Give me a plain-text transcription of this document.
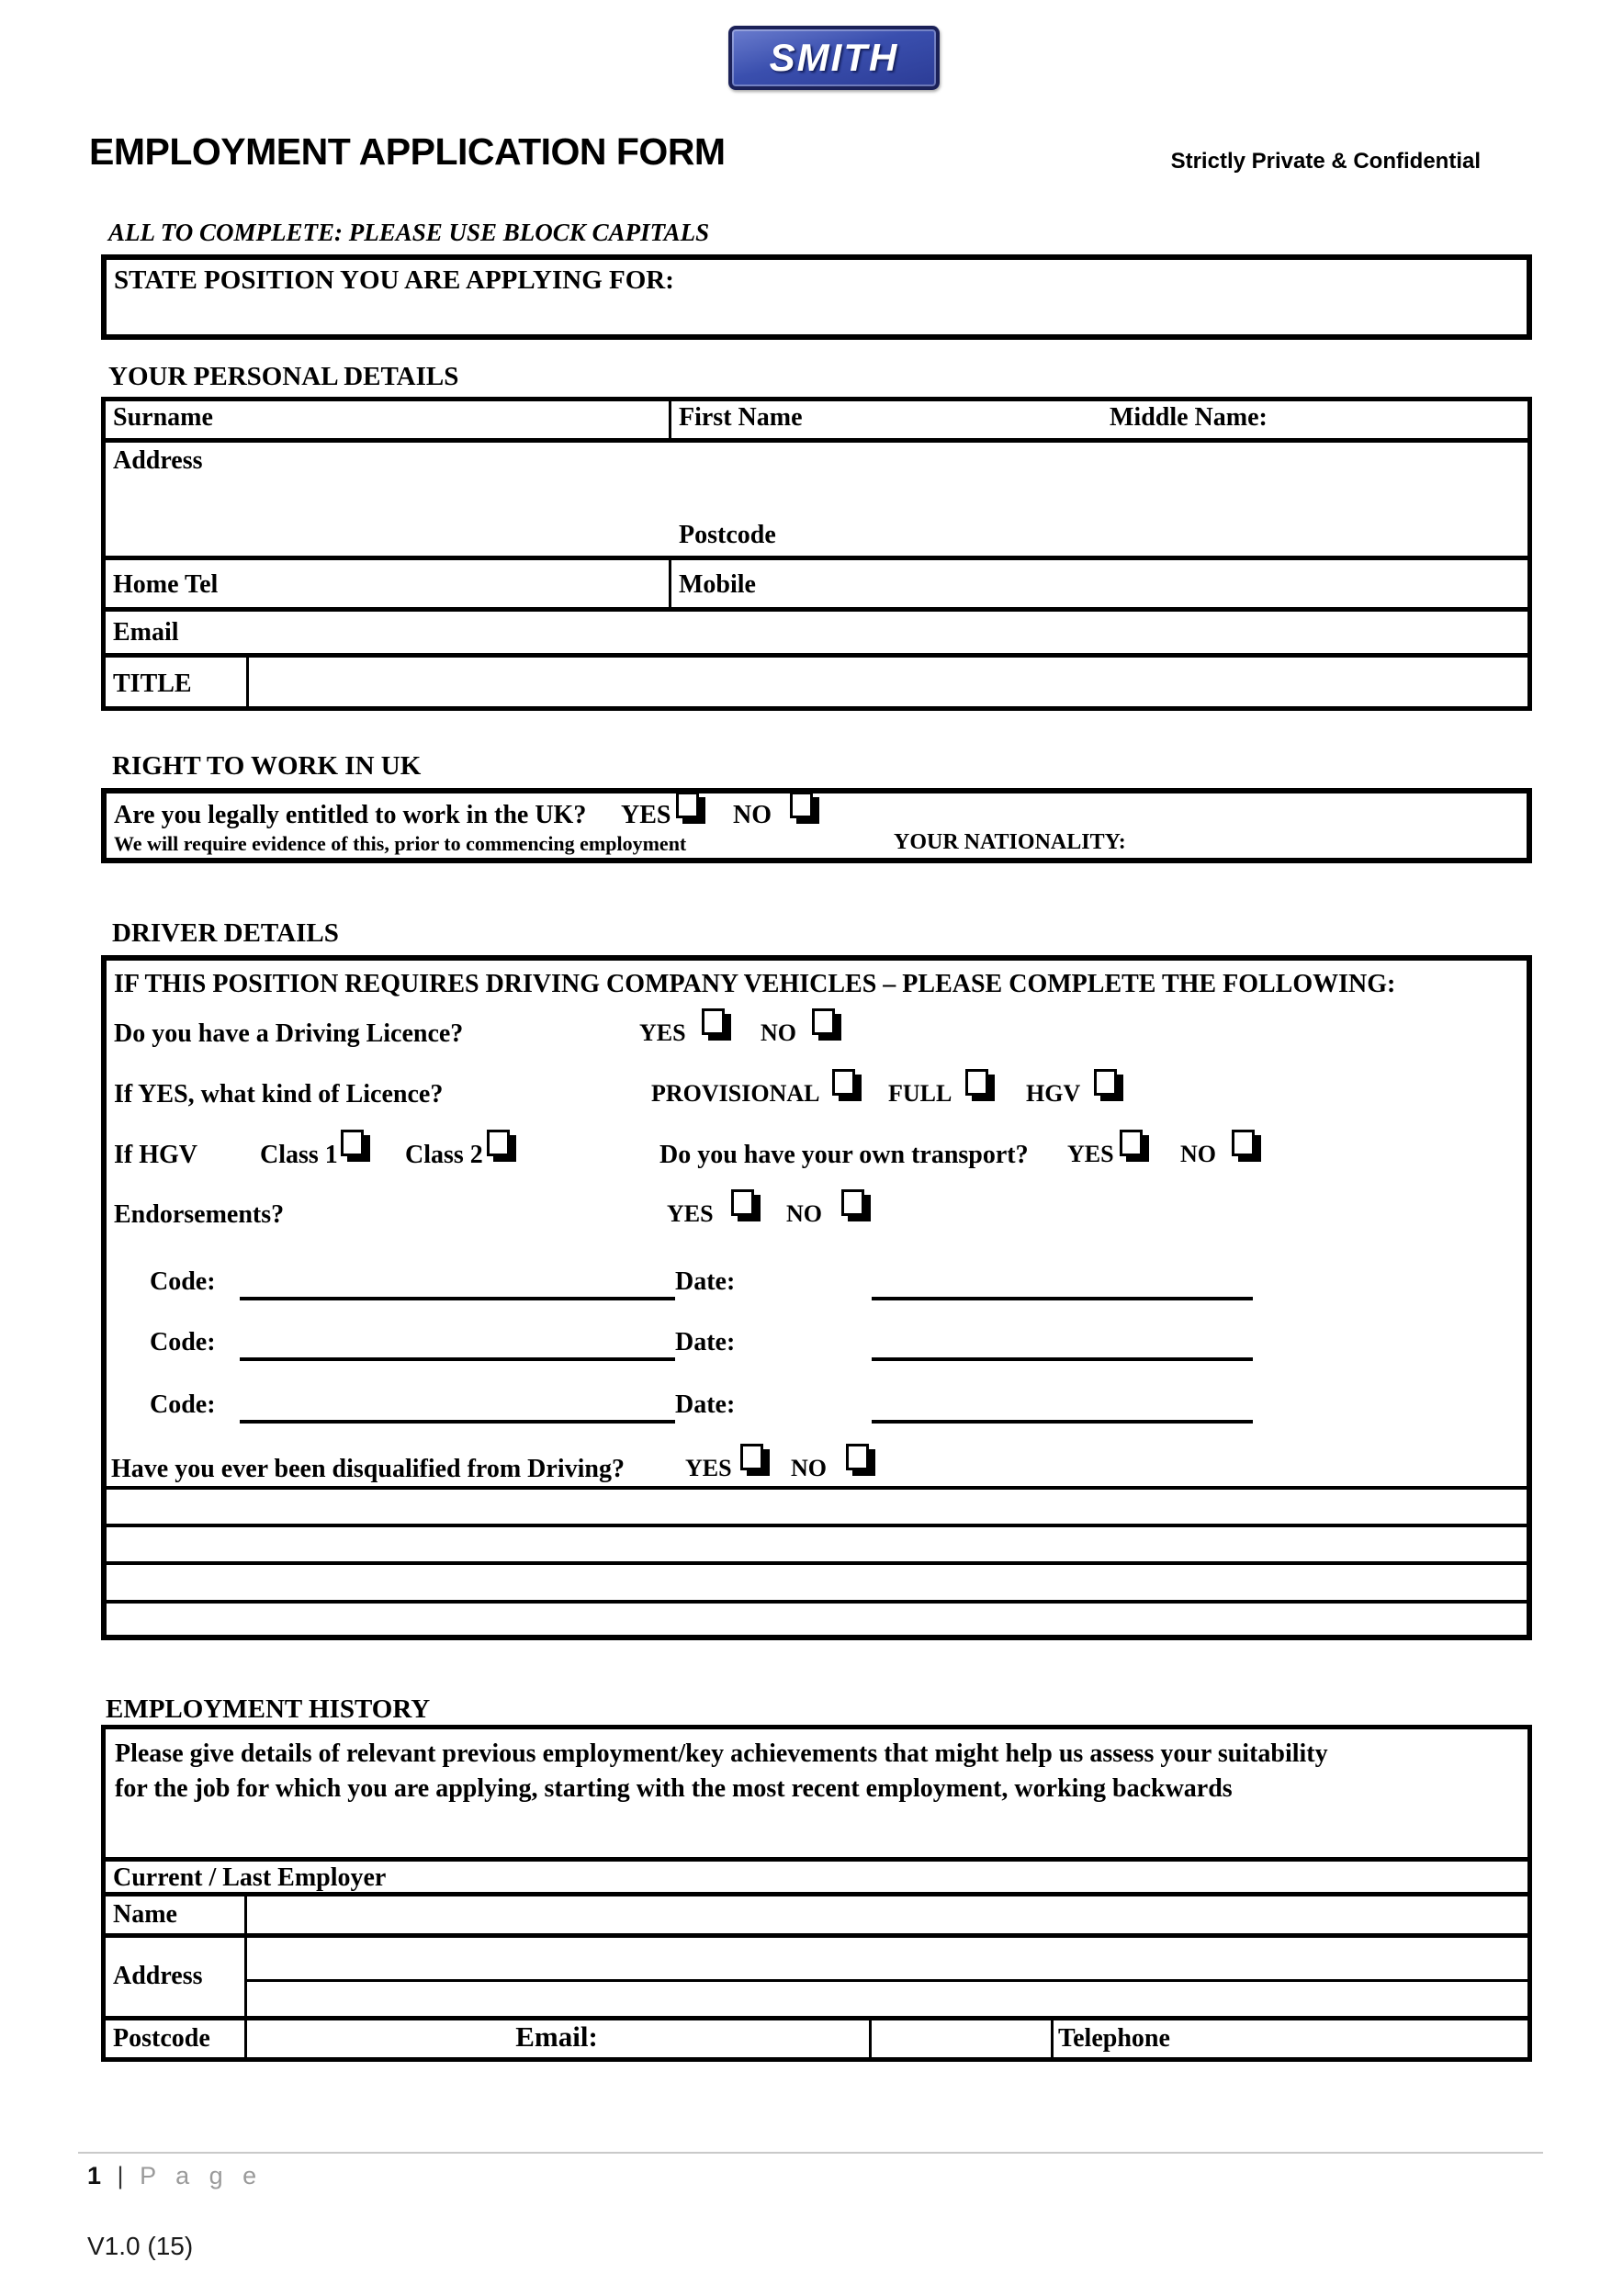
SMITH
EMPLOYMENT APPLICATION FORM	Strictly Private & Confidential
ALL TO COMPLETE: PLEASE USE BLOCK CAPITALS
STATE POSITION YOU ARE APPLYING FOR:
YOUR PERSONAL DETAILS
Surname	First Name	Middle Name:
Address
Postcode
Home Tel	Mobile
Email
TITLE
RIGHT TO WORK IN UK
Are you legally entitled to work in the UK? YES NO
We will require evidence of this, prior to commencing employment	YOUR NATIONALITY:
DRIVER DETAILS
IF THIS POSITION REQUIRES DRIVING COMPANY VEHICLES – PLEASE COMPLETE THE FOLLOWING:
Do you have a Driving Licence?	YES	NO
If YES, what kind of Licence?	PROVISIONAL	FULL	HGV
If HGV Class 1	Class 2	Do you have your own transport? YES	NO
Endorsements?	YES	NO
Code:	Date:
Code:	Date:
Code:	Date:
Have you ever been disqualified from Driving?	YES NO
EMPLOYMENT HISTORY
Please give details of relevant previous employment/key achievements that might help us assess your suitability
for the job for which you are applying, starting with the most recent employment, working backwards
Current / Last Employer
Name
Address
Postcode	Email:	Telephone
1 | P a g e
V1.0 (15)
